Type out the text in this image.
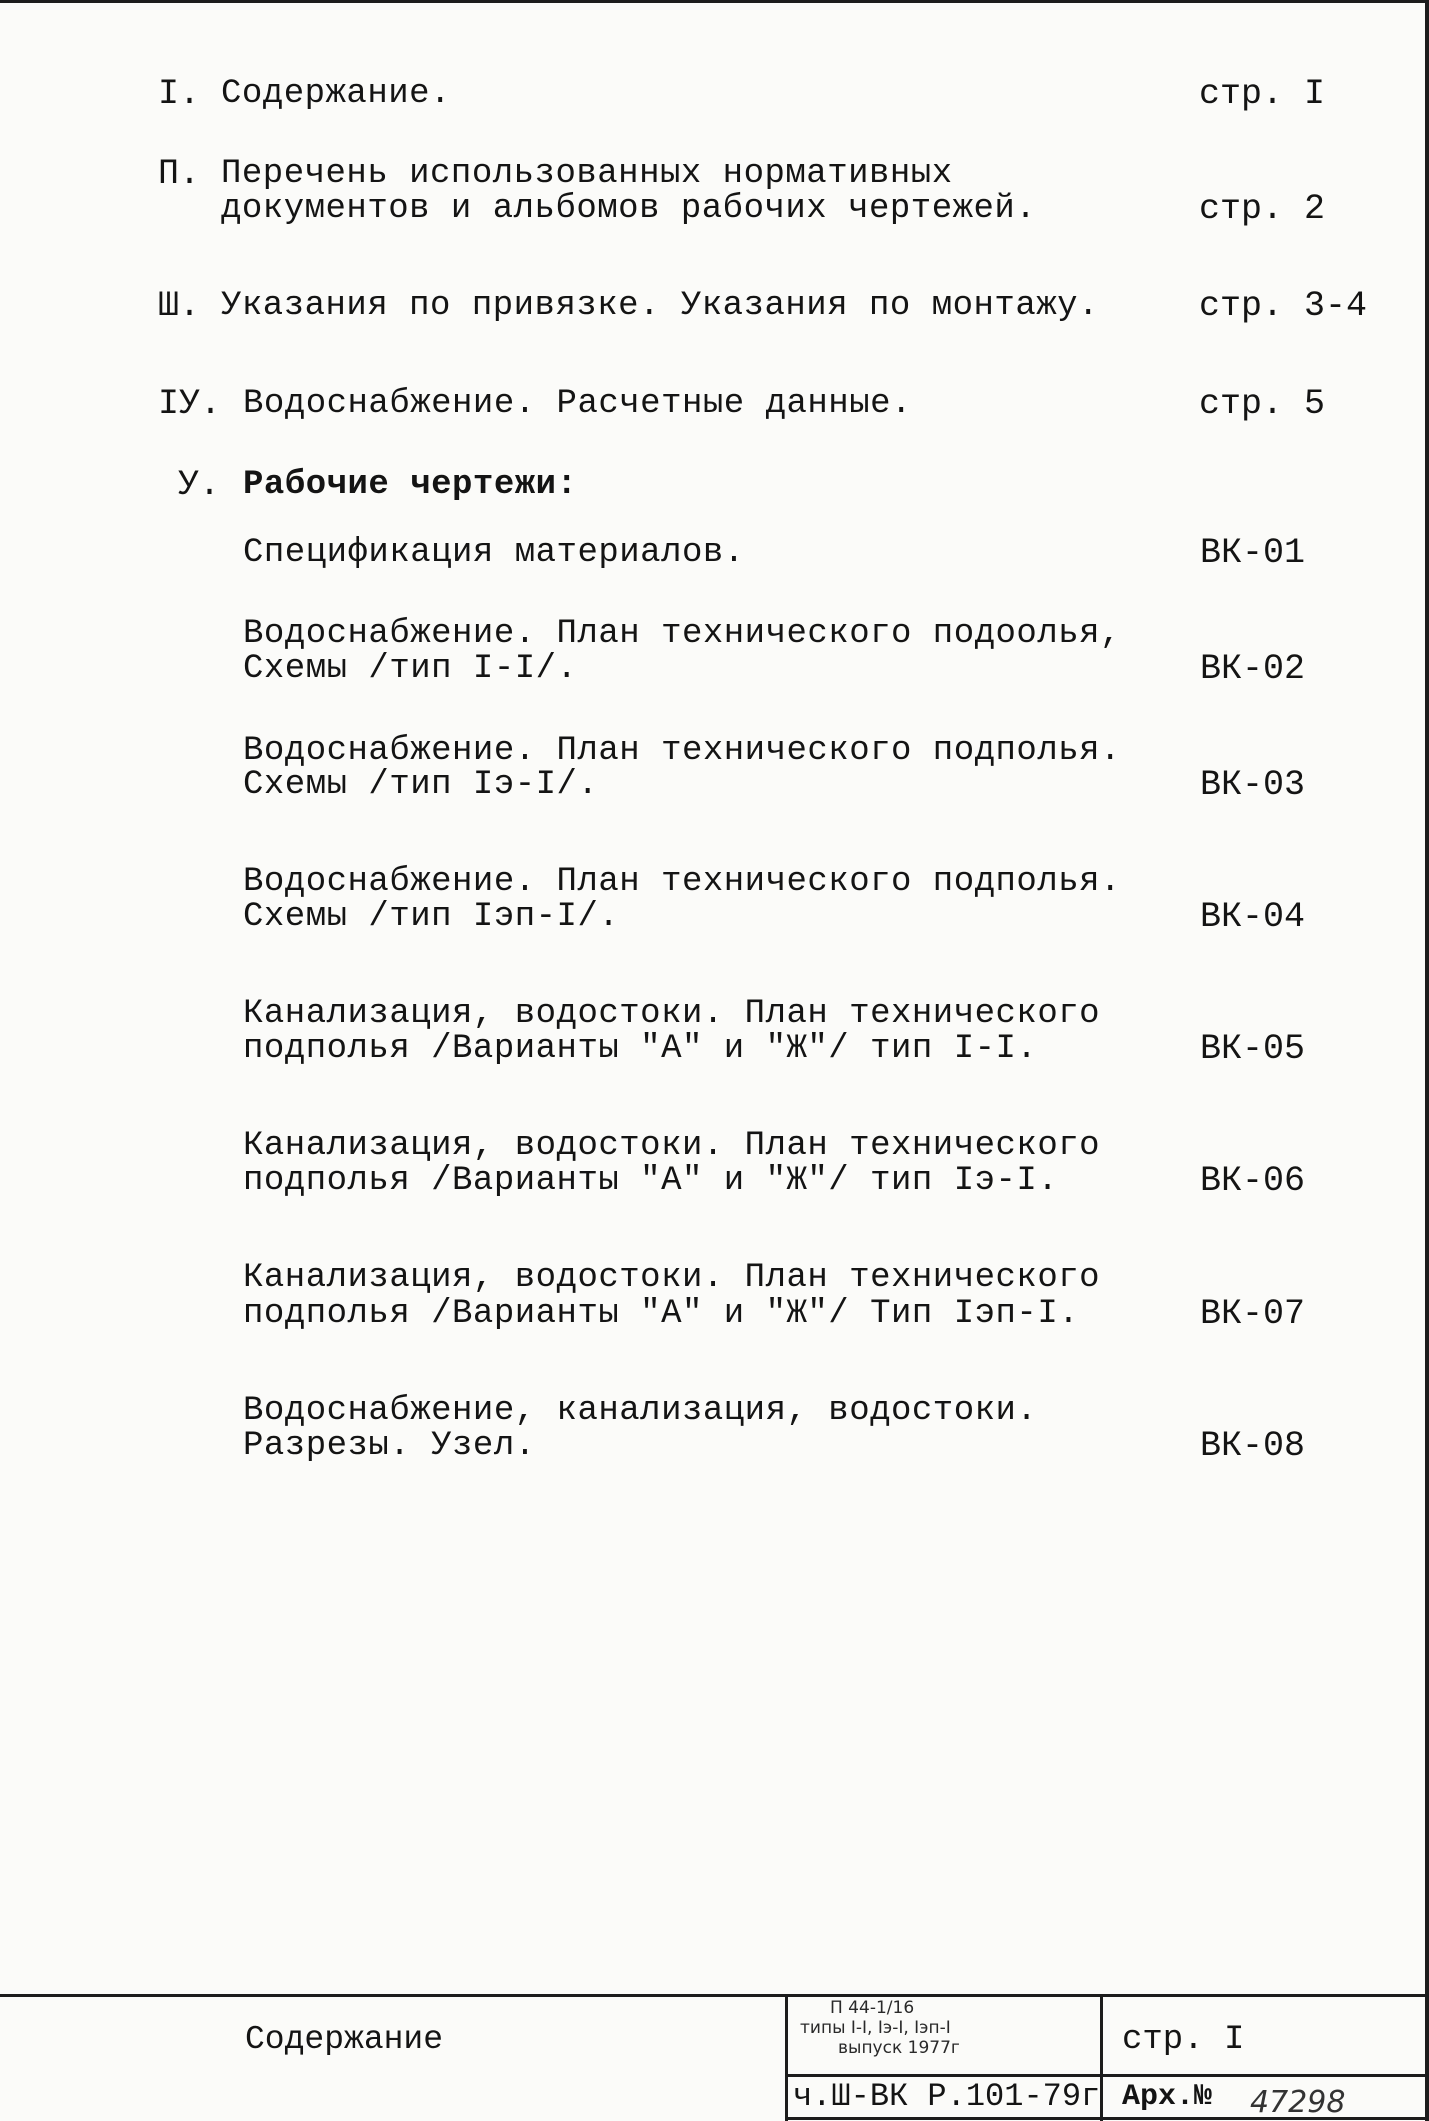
I. Содержание.	стр. I
П. Перечень использованных нормативных
документов и альбомов рабочих чертежей.	стр. 2
Ш. Указания по привязке. Указания по монтажу.	стр. 3-4
IУ. Водоснабжение. Расчетные данные.	стр. 5
У. Рабочие чертежи:
Спецификация материалов.	ВК-01
Водоснабжение. План технического подоолья,
Схемы /тип I-I/.	ВК-02
Водоснабжение. План технического подполья.
Схемы /тип Iэ-I/.	ВК-03
Водоснабжение. План технического подполья.
Схемы /тип Iэп-I/.	ВК-04
Канализация, водостоки. План технического
подполья /Варианты "А" и "Ж"/ тип I-I.	ВК-05
Канализация, водостоки. План технического
подполья /Варианты "А" и "Ж"/ тип Iэ-I.	ВК-06
Канализация, водостоки. План технического
подполья /Варианты "А" и "Ж"/ Тип Iэп-I.	ВК-07
Водоснабжение, канализация, водостоки.
Разрезы. Узел.	ВК-08
Содержание
П 44-1/16
типы I-I, Iэ-I, Iэп-I
выпуск 1977г
ч.Ш-ВК Р.101-79г
стр. I
Арх.№ 47298
